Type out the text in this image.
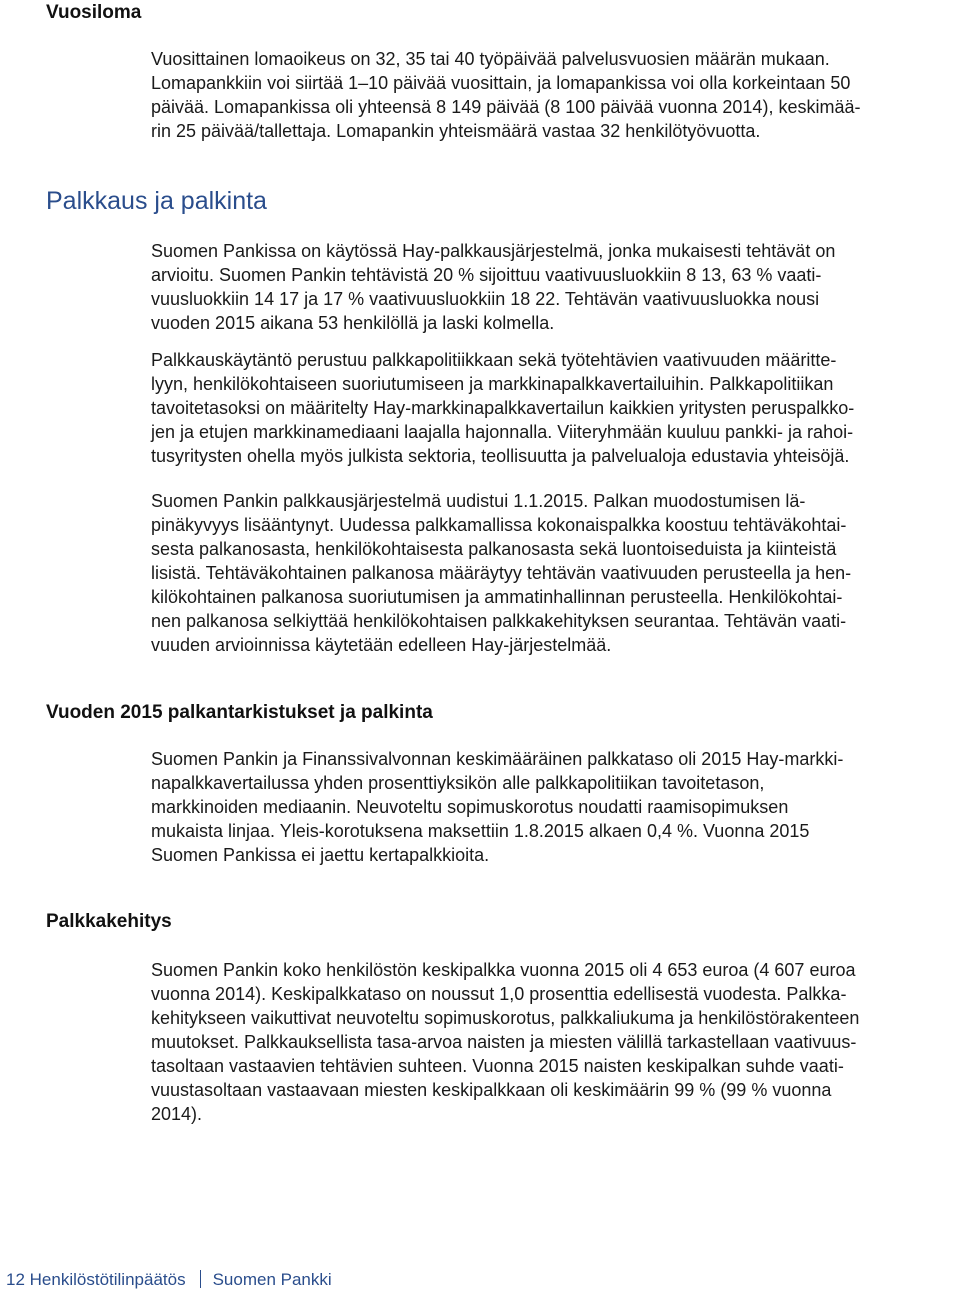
Vuosiloma

Vuosittainen lomaoikeus on 32, 35 tai 40 työpäivää palvelusvuosien määrän mukaan.
Lomapankkiin voi siirtää 1–10 päivää vuosittain, ja lomapankissa voi olla korkeintaan 50
päivää. Lomapankissa oli yhteensä 8 149 päivää (8 100 päivää vuonna 2014), keskimää-
rin 25 päivää/tallettaja. Lomapankin yhteismäärä vastaa 32 henkilötyövuotta.

Palkkaus ja palkinta

Suomen Pankissa on käytössä Hay-palkkausjärjestelmä, jonka mukaisesti tehtävät on
arvioitu. Suomen Pankin tehtävistä 20 % sijoittuu vaativuusluokkiin 8 13, 63 % vaati-
vuusluokkiin 14 17 ja 17 % vaativuusluokkiin 18 22. Tehtävän vaativuusluokka nousi
vuoden 2015 aikana 53 henkilöllä ja laski kolmella.

Palkkauskäytäntö perustuu palkkapolitiikkaan sekä työtehtävien vaativuuden määritte-
lyyn, henkilökohtaiseen suoriutumiseen ja markkinapalkkavertailuihin. Palkkapolitiikan
tavoitetasoksi on määritelty Hay-markkinapalkkavertailun kaikkien yritysten peruspalkko-
jen ja etujen markkinamediaani laajalla hajonnalla. Viiteryhmään kuuluu pankki- ja rahoi-
tusyritysten ohella myös julkista sektoria, teollisuutta ja palvelualoja edustavia yhteisöjä.

Suomen Pankin palkkausjärjestelmä uudistui 1.1.2015. Palkan muodostumisen lä-
pinäkyvyys lisääntynyt. Uudessa palkkamallissa kokonaispalkka koostuu tehtäväkohtai-
sesta palkanosasta, henkilökohtaisesta palkanosasta sekä luontoiseduista ja kiinteistä
lisistä. Tehtäväkohtainen palkanosa määräytyy tehtävän vaativuuden perusteella ja hen-
kilökohtainen palkanosa suoriutumisen ja ammatinhallinnan perusteella. Henkilökohtai-
nen palkanosa selkiyttää henkilökohtaisen palkkakehityksen seurantaa. Tehtävän vaati-
vuuden arvioinnissa käytetään edelleen Hay-järjestelmää.

Vuoden 2015 palkantarkistukset ja palkinta

Suomen Pankin ja Finanssivalvonnan keskimääräinen palkkataso oli 2015 Hay-markki-
napalkkavertailussa yhden prosenttiyksikön alle palkkapolitiikan tavoitetason,
markkinoiden mediaanin. Neuvoteltu sopimuskorotus noudatti raamisopimuksen
mukaista linjaa. Yleis-korotuksena maksettiin 1.8.2015 alkaen 0,4 %. Vuonna 2015
Suomen Pankissa ei jaettu kertapalkkioita.

Palkkakehitys

Suomen Pankin koko henkilöstön keskipalkka vuonna 2015 oli 4 653 euroa (4 607 euroa
vuonna 2014). Keskipalkkataso on noussut 1,0 prosenttia edellisestä vuodesta. Palkka-
kehitykseen vaikuttivat neuvoteltu sopimuskorotus, palkkaliukuma ja henkilöstörakenteen
muutokset. Palkkauksellista tasa-arvoa naisten ja miesten välillä tarkastellaan vaativuus-
tasoltaan vastaavien tehtävien suhteen. Vuonna 2015 naisten keskipalkan suhde vaati-
vuustasoltaan vastaavaan miesten keskipalkkaan oli keskimäärin 99 % (99 % vuonna
2014).

12 Henkilöstötilinpäätös Suomen Pankki
